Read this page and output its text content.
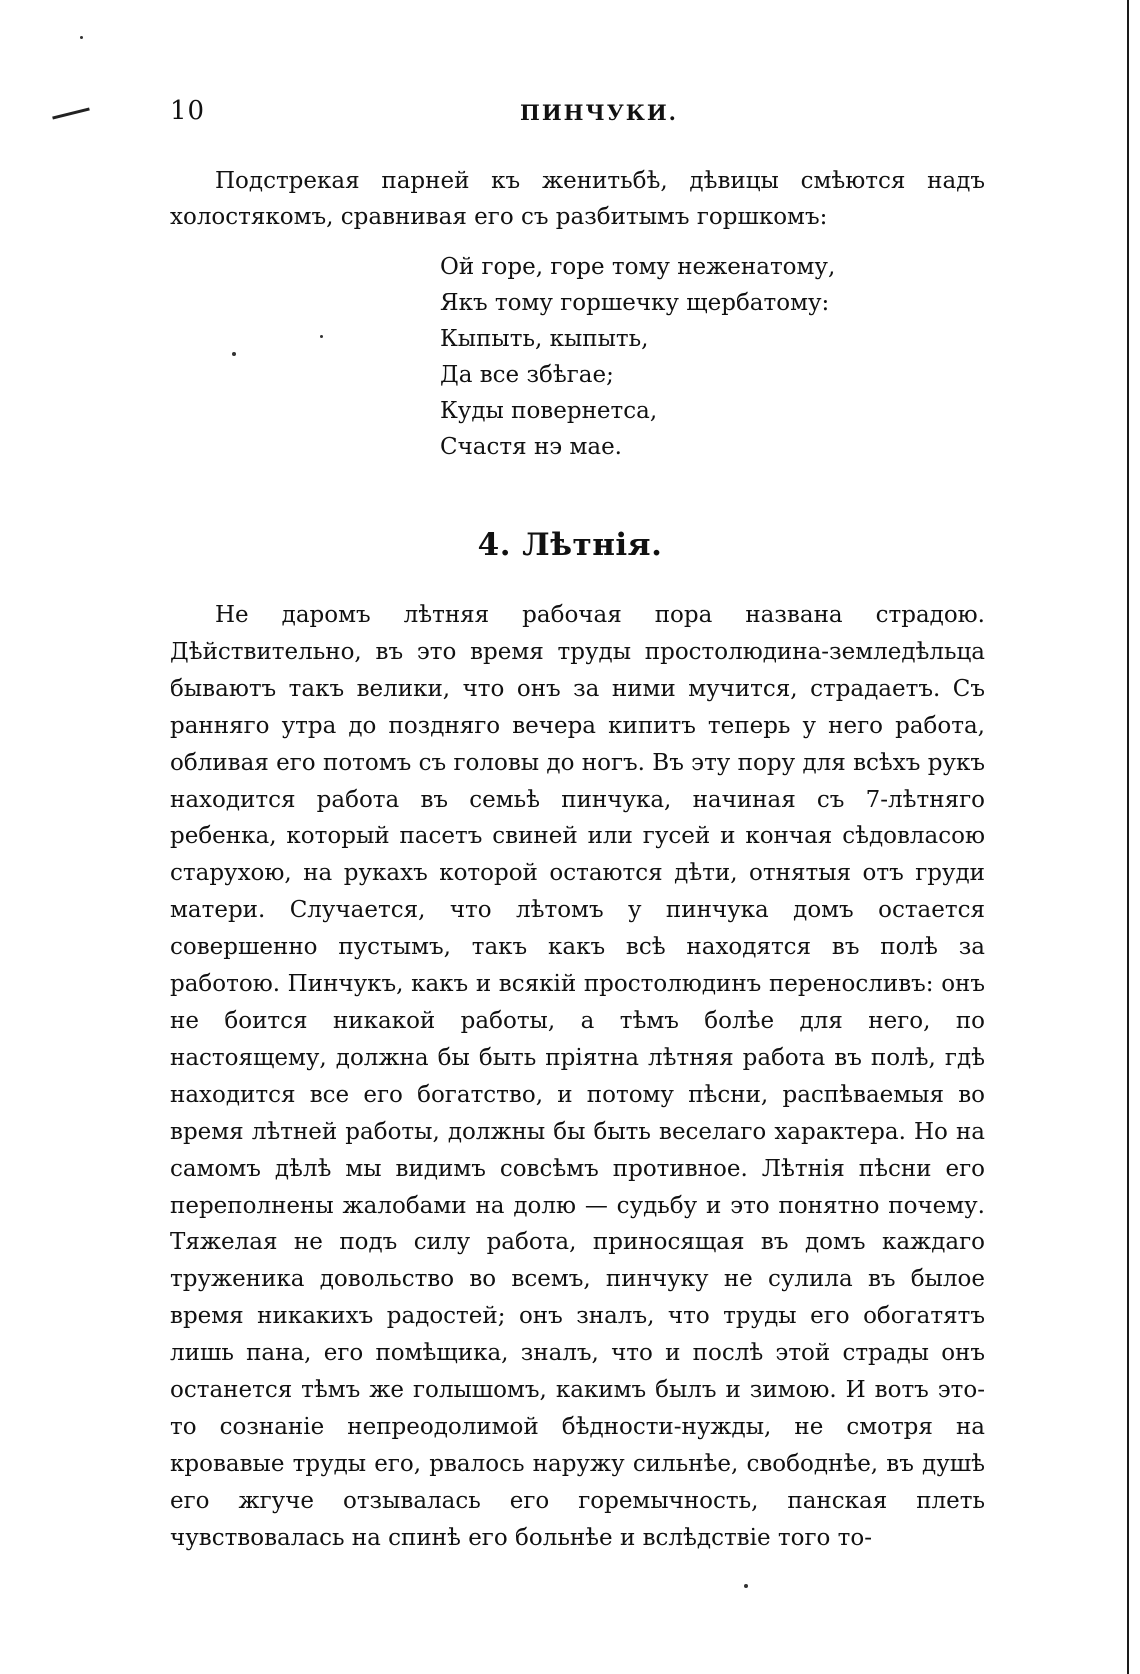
10	ПИНЧУКИ.

Подстрекая парней къ женитьбѣ, дѣвицы смѣются надъ холостякомъ, сравнивая его съ разбитымъ горшкомъ:

Ой горе, горе тому неженатому,
Якъ тому горшечку щербатому:
Кыпыть, кыпыть,
Да все збѣгае;
Куды повернетса,
Счастя нэ мае.
4. Лѣтнія.

Не даромъ лѣтняя рабочая пора названа страдою. Дѣйствительно, въ это время труды простолюдина-земледѣльца бываютъ такъ велики, что онъ за ними мучится, страдаетъ. Съ ранняго утра до поздняго вечера кипитъ теперь у него работа, обливая его потомъ съ головы до ногъ. Въ эту пору для всѣхъ рукъ находится работа въ семьѣ пинчука, начиная съ 7-лѣтняго ребенка, который пасетъ свиней или гусей и кончая сѣдовласою старухою, на рукахъ которой остаются дѣти, отнятыя отъ груди матери. Случается, что лѣтомъ у пинчука домъ остается совершенно пустымъ, такъ какъ всѣ находятся въ полѣ за работою. Пинчукъ, какъ и всякій простолюдинъ переносливъ: онъ не боится никакой работы, а тѣмъ болѣе для него, по настоящему, должна бы быть пріятна лѣтняя работа въ полѣ, гдѣ находится все его богатство, и потому пѣсни, распѣваемыя во время лѣтней работы, должны бы быть веселаго характера. Но на самомъ дѣлѣ мы видимъ совсѣмъ противное. Лѣтнія пѣсни его переполнены жалобами на долю — судьбу и это понятно почему. Тяжелая не подъ силу работа, приносящая въ домъ каждаго труженика довольство во всемъ, пинчуку не сулила въ былое время никакихъ радостей; онъ зналъ, что труды его обогатятъ лишь пана, его помѣщика, зналъ, что и послѣ этой страды онъ останется тѣмъ же голышомъ, какимъ былъ и зимою. И вотъ это-то сознаніе непреодолимой бѣдности-нужды, не смотря на кровавые труды его, рвалось наружу сильнѣе, свободнѣе, въ душѣ его жгуче отзывалась его горемычность, панская плеть чувствовалась на спинѣ его больнѣе и вслѣдствіе того то-
